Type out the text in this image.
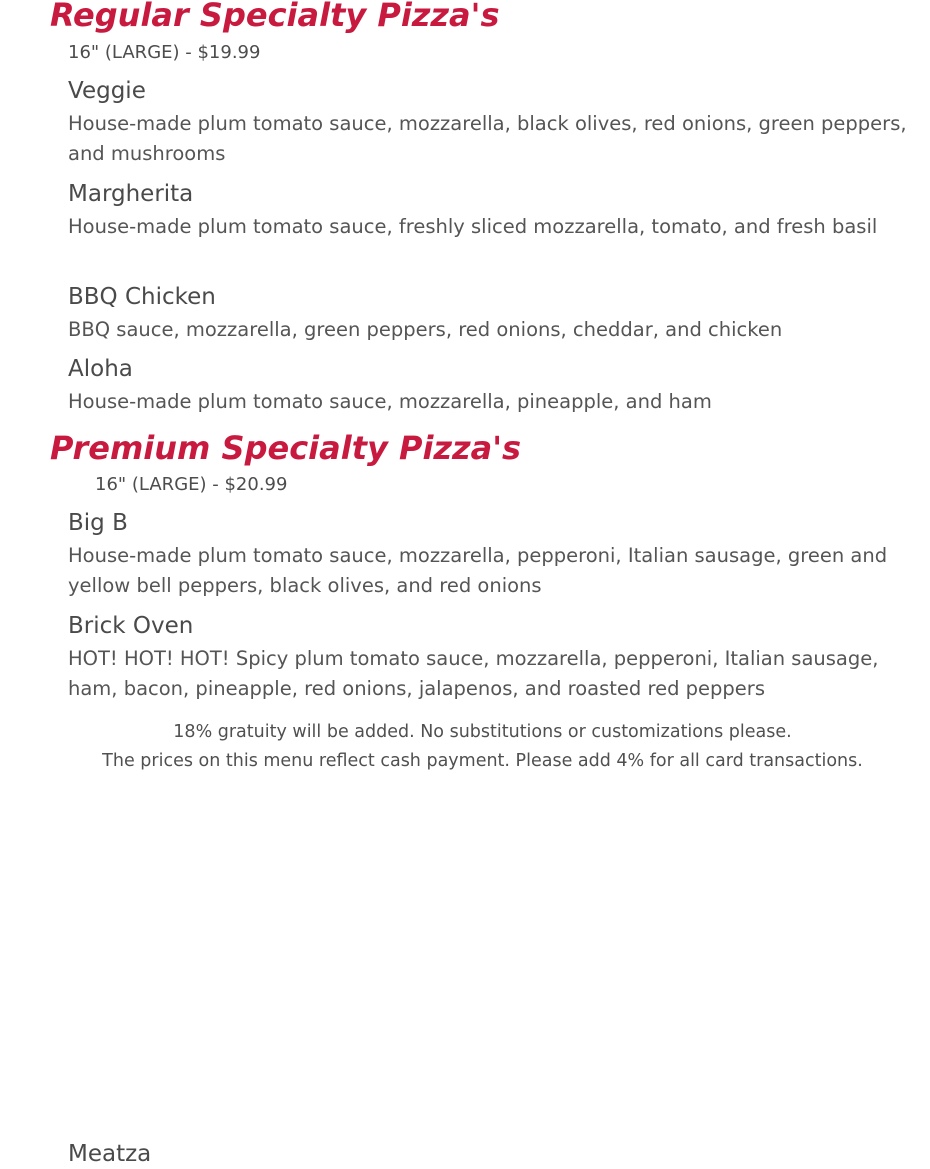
Regular Specialty Pizza's
16" (LARGE) - $19.99
Veggie
House-made plum tomato sauce, mozzarella, black olives, red onions, green peppers, and mushrooms
Margherita
House-made plum tomato sauce, freshly sliced mozzarella, tomato, and fresh basil
BBQ Chicken
BBQ sauce, mozzarella, green peppers, red onions, cheddar, and chicken
Aloha
House-made plum tomato sauce, mozzarella, pineapple, and ham
Premium Specialty Pizza's
16" (LARGE) - $20.99
Big B
House-made plum tomato sauce, mozzarella, pepperoni, Italian sausage, green and yellow bell peppers, black olives, and red onions
Brick Oven
HOT! HOT! HOT! Spicy plum tomato sauce, mozzarella, pepperoni, Italian sausage, ham, bacon, pineapple, red onions, jalapenos, and roasted red peppers
18% gratuity will be added. No substitutions or customizations please.
The prices on this menu reflect cash payment. Please add 4% for all card transactions.
Meatza
